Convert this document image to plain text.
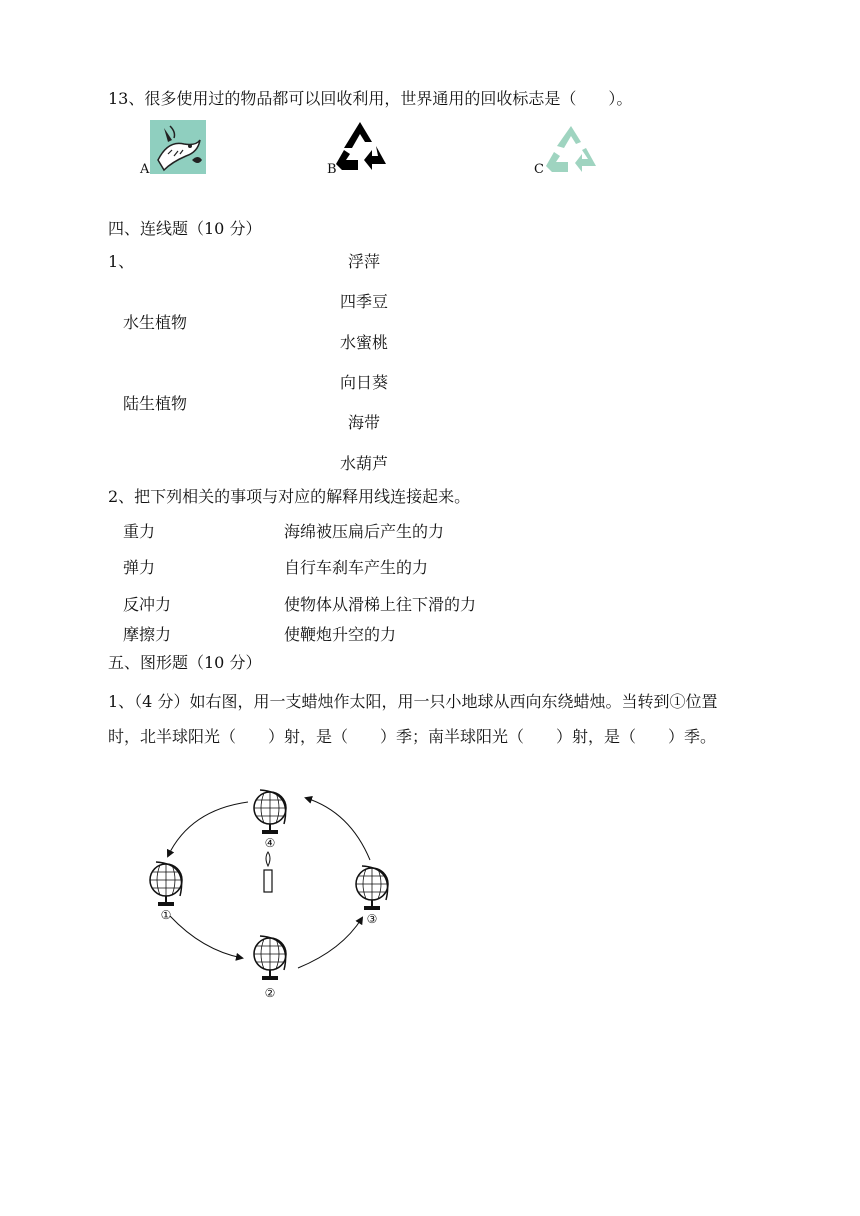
13、很多使用过的物品都可以回收利用，世界通用的回收标志是（　　）。
A	B	C
四、连线题（10 分）
1、	浮萍
四季豆
水生植物
水蜜桃
向日葵
陆生植物
海带
水葫芦
2、把下列相关的事项与对应的解释用线连接起来。
重力	海绵被压扁后产生的力
弹力	自行车刹车产生的力
反冲力	使物体从滑梯上往下滑的力
摩擦力	使鞭炮升空的力
五、图形题（10 分）
1、（4 分）如右图，用一支蜡烛作太阳，用一只小地球从西向东绕蜡烛。当转到①位置
时，北半球阳光（　　）射，是（　　）季；南半球阳光（　　）射，是（　　）季。
④
①	③
②
